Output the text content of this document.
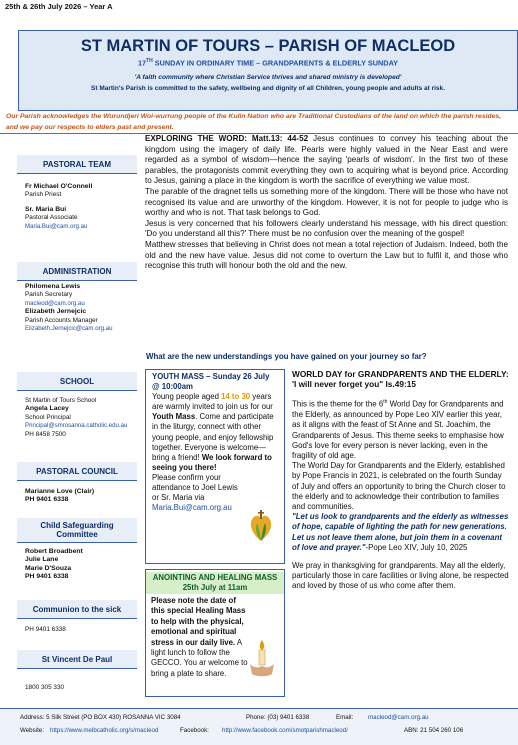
25th & 26th July 2026 – Year A
ST MARTIN OF TOURS – PARISH OF MACLEOD
17TH SUNDAY IN ORDINARY TIME – GRANDPARENTS & ELDERLY SUNDAY
'A faith community where Christian Service thrives and shared ministry is developed'
St Martin's Parish is committed to the safety, wellbeing and dignity of all Children, young people and adults at risk.
Our Parish acknowledges the Wurundjeri Woi-wurrung people of the Kulin Nation who are Traditional Custodians of the land on which the parish resides, and we pay our respects to elders past and present.
PASTORAL TEAM
Fr Michael O'Connell
Parish Priest

Sr. Maria Bui
Pastoral Associate
Maria.Bui@cam.org.au
ADMINISTRATION
Philomena Lewis
Parish Secretary
macleod@cam.org.au
Elizabeth Jernejcic
Parish Accounts Manager
Elizabeth.Jernejcic@cam.org.au
SCHOOL
St Martin of Tours School
Angela Lacey
School Principal
Principal@smrosanna.catholic.edu.au
PH 8458 7500
PASTORAL COUNCIL
Marianne Love (Clair)
PH 9401 6338
Child Safeguarding Committee
Robert Broadbent
Julie Lane
Marie D'Souza
PH 9401 6338
Communion to the sick
PH 9401 6338
St Vincent De Paul
1800 305 330

EXPLORING THE WORD: Matt.13: 44-52 Jesus continues to convey his teaching about the kingdom using the imagery of daily life. Pearls were highly valued in the Near East and were regarded as a symbol of wisdom—hence the saying 'pearls of wisdom'. In the first two of these parables, the protagonists commit everything they own to acquiring what is beyond price. According to Jesus, gaining a place in the kingdom is worth the sacrifice of everything we value most.

The parable of the dragnet tells us something more of the kingdom. There will be those who have not recognised its value and are unworthy of the kingdom. However, it is not for people to judge who is worthy and who is not. That task belongs to God.

Jesus is very concerned that his followers clearly understand his message, with his direct question: 'Do you understand all this?' There must be no confusion over the meaning of the gospel!

Matthew stresses that believing in Christ does not mean a total rejection of Judaism. Indeed, both the old and the new have value. Jesus did not come to overturn the Law but to fulfil it, and those who recognise this truth will honour both the old and the new.

What are the new understandings you have gained on your journey so far?
YOUTH MASS – Sunday 26 July @ 10:00am
Young people aged 14 to 30 years are warmly invited to join us for our Youth Mass. Come and participate in the liturgy, connect with other young people, and enjoy fellowship together. Everyone is welcome—bring a friend! We look forward to seeing you there!
Please confirm your attendance to Joel Lewis or Sr. Maria via
Maria.Bui@cam.org.au
ANOINTING AND HEALING MASS 25th July at 11am
Please note the date of this special Healing Mass to help with the physical, emotional and spiritual stress in our daily live. A light lunch to follow the GECCO. You ar welcome to bring a plate to share.
WORLD DAY for GRANDPARENTS AND THE ELDERLY:
'I will never forget you" Is.49:15
This is the theme for the 6th World Day for Grandparents and the Elderly, as announced by Pope Leo XIV earlier this year, as it aligns with the feast of St Anne and St. Joachim, the Grandparents of Jesus. This theme seeks to emphasise how God's love for every person is never lacking, even in the fragility of old age.
The World Day for Grandparents and the Elderly, established by Pope Francis in 2021, is celebrated on the fourth Sunday of July and offers an opportunity to bring the Church closer to the elderly and to acknowledge their contribution to families and communities.
"Let us look to grandparents and the elderly as witnesses of hope, capable of lighting the path for new generations. Let us not leave them alone, but join them in a covenant of love and prayer."-Pope Leo XIV, July 10, 2025
We pray in thanksgiving for grandparents. May all the elderly, particularly those in care facilities or living alone, be respected and loved by those of us who come after them.
Address: 5 Silk Street (PO BOX 430) ROSANNA VIC 3084	Phone: (03) 9401 6338	Email: macleod@cam.org.au
Website: https://www.melbcatholic.org/s/macleod	Facebook: http://www.facebook.com/smotparishmacleod/	ABN: 21 504 260 106
